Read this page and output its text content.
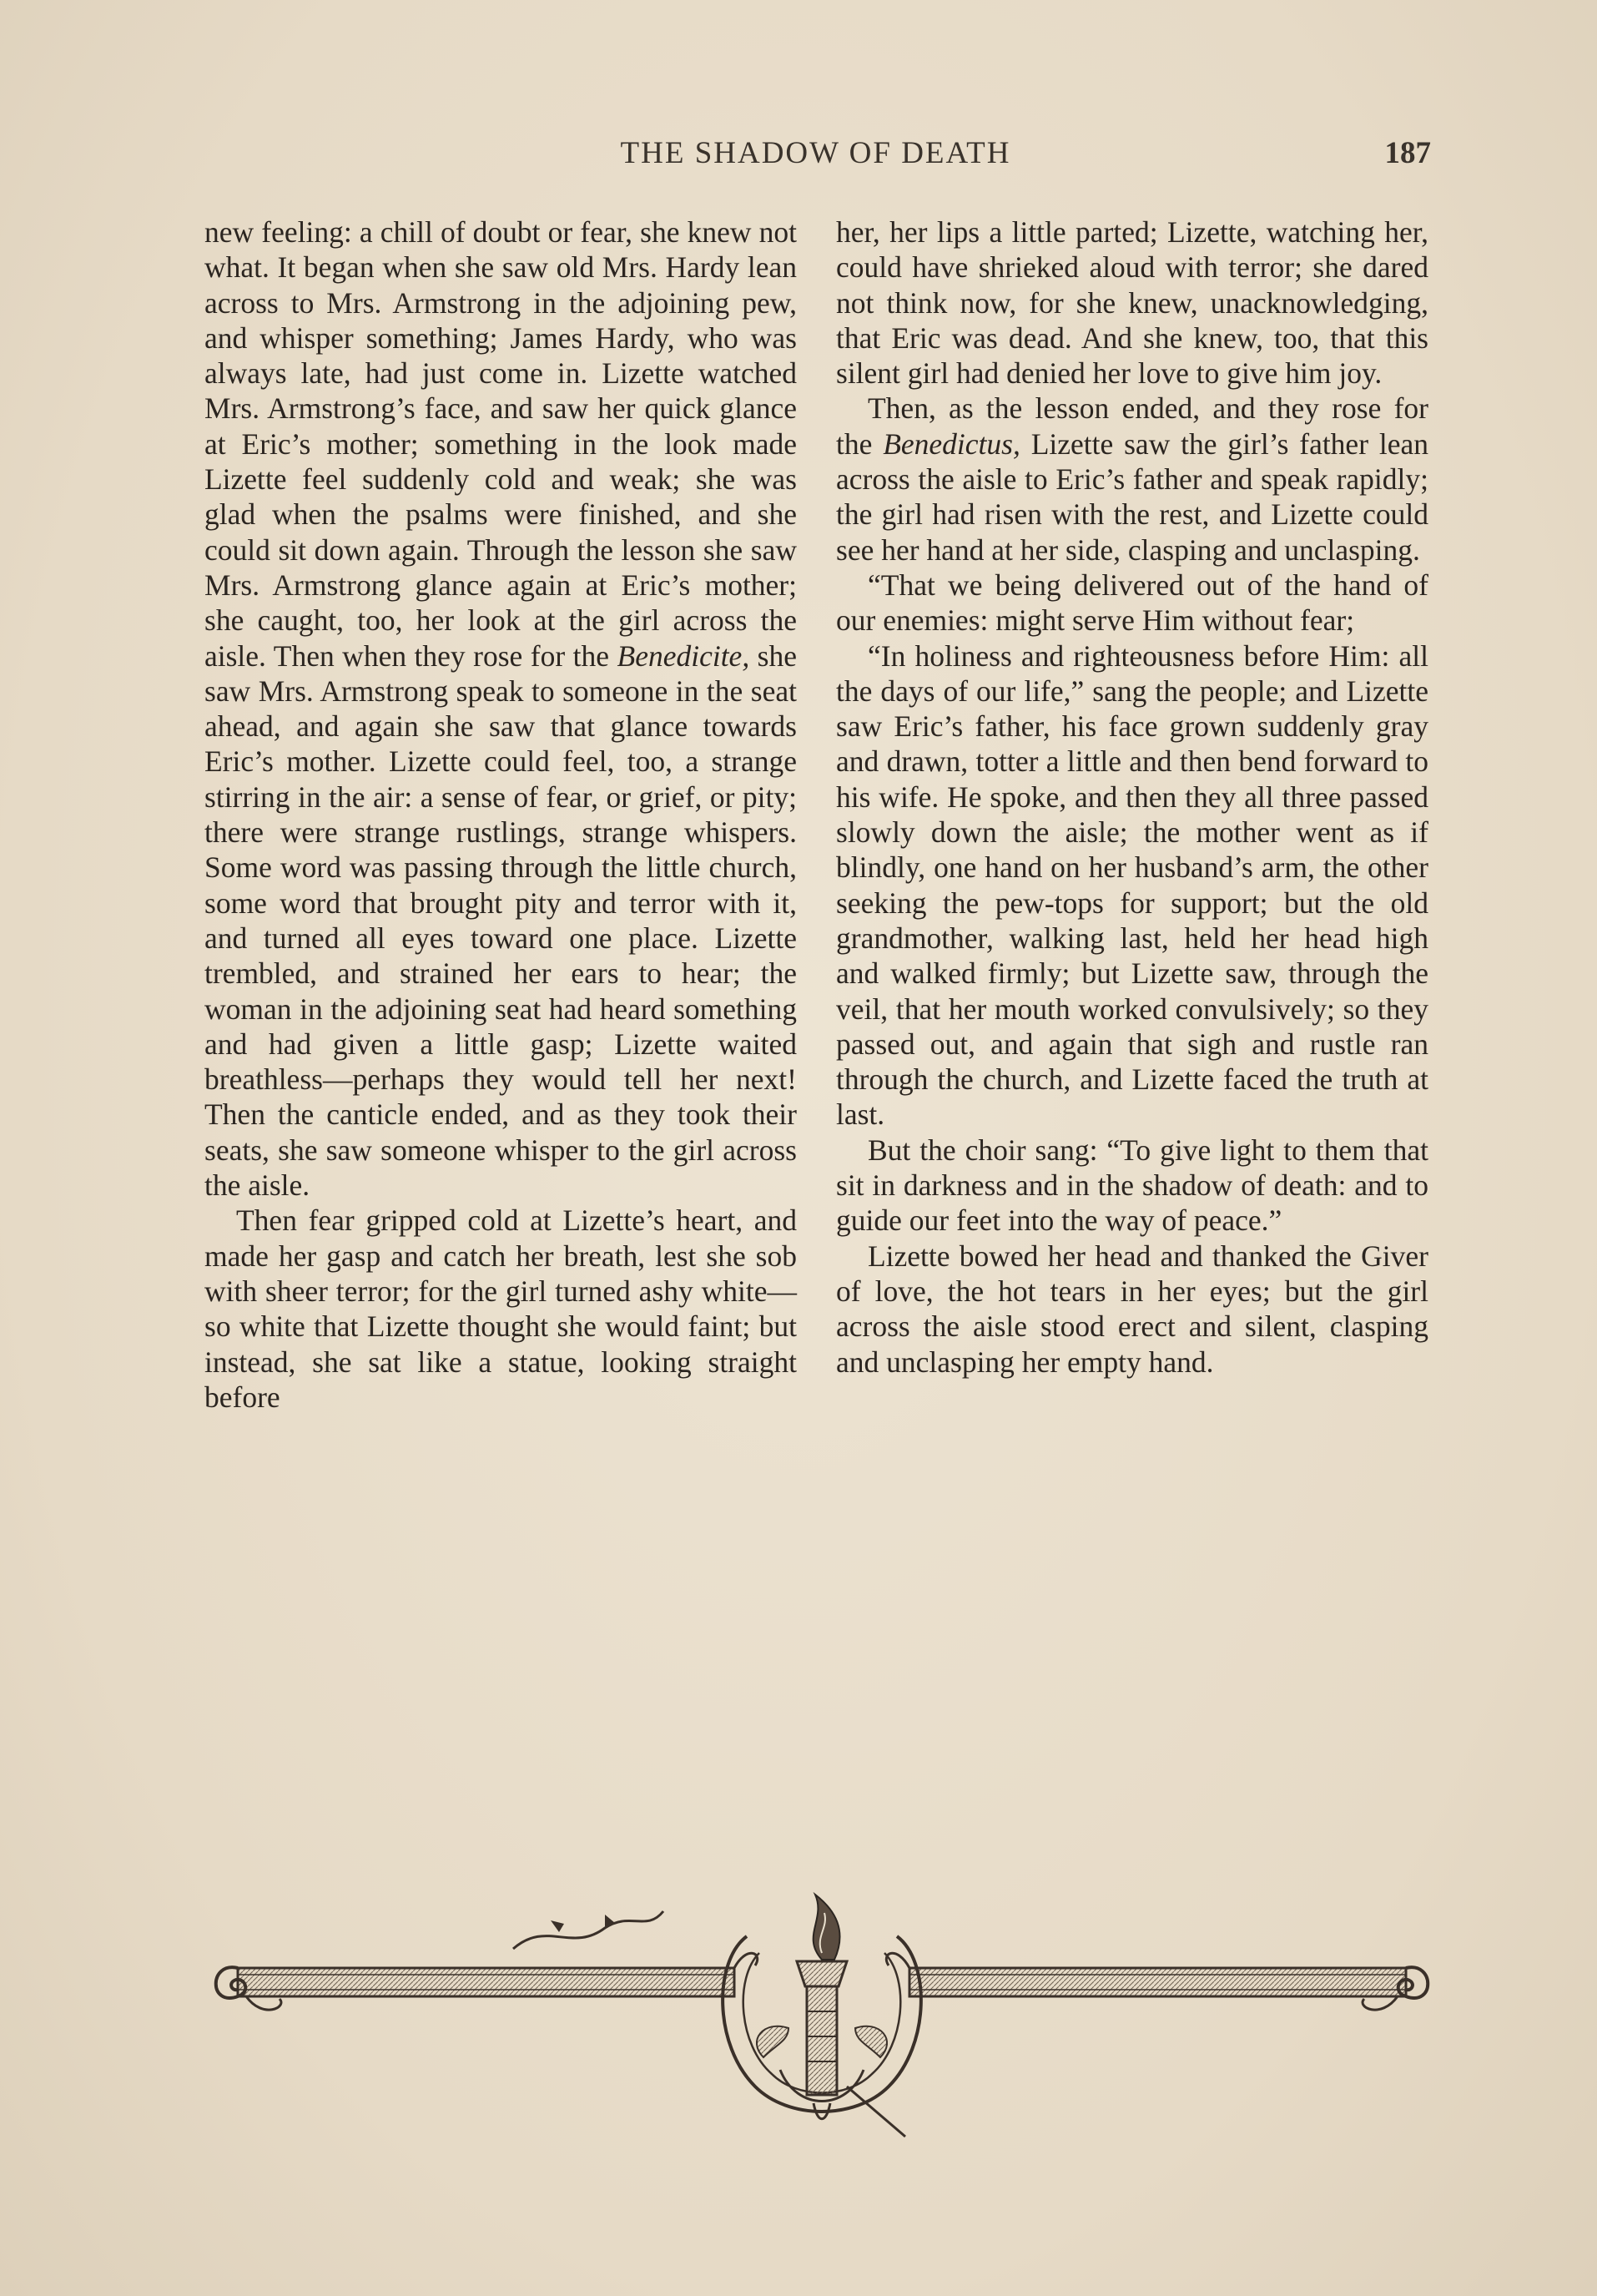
THE SHADOW OF DEATH	187

new feeling: a chill of doubt or fear, she knew not what. It began when she saw old Mrs. Hardy lean across to Mrs. Armstrong in the adjoining pew, and whisper something; James Hardy, who was always late, had just come in. Lizette watched Mrs. Armstrong’s face, and saw her quick glance at Eric’s mother; something in the look made Lizette feel suddenly cold and weak; she was glad when the psalms were finished, and she could sit down again. Through the lesson she saw Mrs. Armstrong glance again at Eric’s mother; she caught, too, her look at the girl across the aisle. Then when they rose for the Benedicite, she saw Mrs. Armstrong speak to someone in the seat ahead, and again she saw that glance towards Eric’s mother. Lizette could feel, too, a strange stirring in the air: a sense of fear, or grief, or pity; there were strange rustlings, strange whispers. Some word was passing through the little church, some word that brought pity and terror with it, and turned all eyes toward one place. Lizette trembled, and strained her ears to hear; the woman in the adjoining seat had heard something and had given a little gasp; Lizette waited breathless—perhaps they would tell her next! Then the canticle ended, and as they took their seats, she saw someone whisper to the girl across the aisle.

Then fear gripped cold at Lizette’s heart, and made her gasp and catch her breath, lest she sob with sheer terror; for the girl turned ashy white—so white that Lizette thought she would faint; but instead, she sat like a statue, looking straight before

her, her lips a little parted; Lizette, watching her, could have shrieked aloud with terror; she dared not think now, for she knew, unacknowledging, that Eric was dead. And she knew, too, that this silent girl had denied her love to give him joy.

Then, as the lesson ended, and they rose for the Benedictus, Lizette saw the girl’s father lean across the aisle to Eric’s father and speak rapidly; the girl had risen with the rest, and Lizette could see her hand at her side, clasping and unclasping.

“That we being delivered out of the hand of our enemies: might serve Him without fear;

“In holiness and righteousness before Him: all the days of our life,” sang the people; and Lizette saw Eric’s father, his face grown suddenly gray and drawn, totter a little and then bend forward to his wife. He spoke, and then they all three passed slowly down the aisle; the mother went as if blindly, one hand on her husband’s arm, the other seeking the pew-tops for support; but the old grandmother, walking last, held her head high and walked firmly; but Lizette saw, through the veil, that her mouth worked convulsively; so they passed out, and again that sigh and rustle ran through the church, and Lizette faced the truth at last.

But the choir sang: “To give light to them that sit in darkness and in the shadow of death: and to guide our feet into the way of peace.”

Lizette bowed her head and thanked the Giver of love, the hot tears in her eyes; but the girl across the aisle stood erect and silent, clasping and unclasping her empty hand.
